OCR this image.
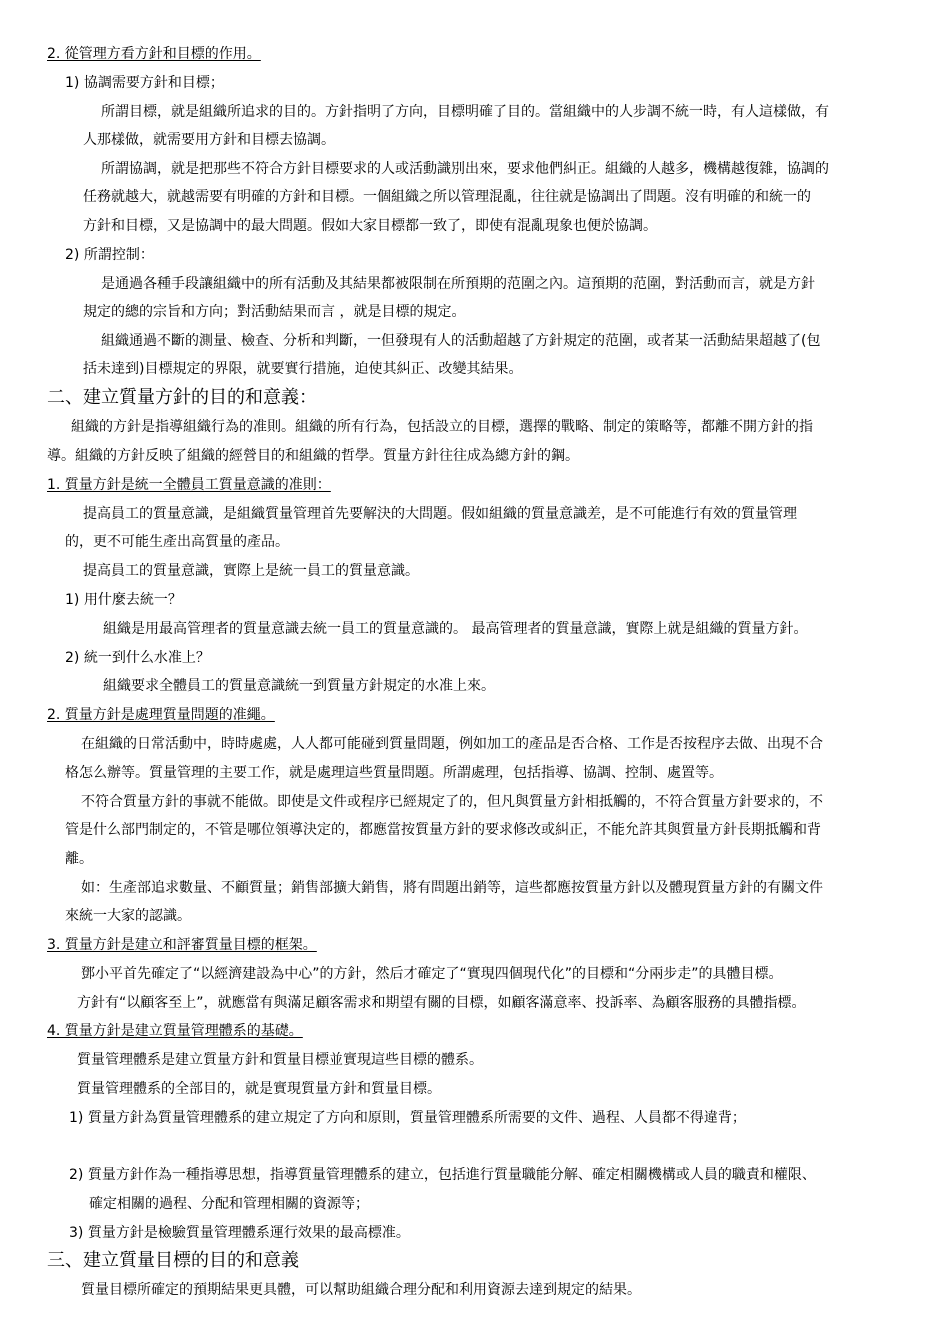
2. 從管理方看方針和目標的作用。
1) 協調需要方針和目標；
所謂目標，就是組織所追求的目的。方針指明了方向，目標明確了目的。當組織中的人步調不統一時，有人這樣做，有
人那樣做，就需要用方針和目標去協調。
所謂協調，就是把那些不符合方針目標要求的人或活動識別出來，要求他們糾正。組織的人越多，機構越復雜，協調的
任務就越大，就越需要有明確的方針和目標。一個組織之所以管理混亂，往往就是協調出了問題。沒有明確的和統一的
方針和目標，又是協調中的最大問題。假如大家目標都一致了，即使有混亂現象也便於協調。
2) 所謂控制：
是通過各種手段讓組織中的所有活動及其結果都被限制在所預期的范圍之內。這預期的范圍，對活動而言，就是方針
規定的總的宗旨和方向；對活動結果而言 ，就是目標的規定。
組織通過不斷的測量、檢查、分析和判斷，一但發現有人的活動超越了方針規定的范圍，或者某一活動結果超越了(包
括未達到)目標規定的界限，就要實行措施，迫使其糾正、改變其結果。
二、建立質量方針的目的和意義：
組織的方針是指導組織行為的准則。組織的所有行為，包括設立的目標，選擇的戰略、制定的策略等，都離不開方針的指
導。組織的方針反映了組織的經營目的和組織的哲學。質量方針往往成為總方針的鋼。
1. 質量方針是統一全體員工質量意識的准則：
提高員工的質量意識，是組織質量管理首先要解決的大問題。假如組織的質量意識差，是不可能進行有效的質量管理
的，更不可能生產出高質量的產品。
提高員工的質量意識，實際上是統一員工的質量意識。
1) 用什麼去統一？
組織是用最高管理者的質量意識去統一員工的質量意識的。 最高管理者的質量意識，實際上就是組織的質量方針。
2) 統一到什么水准上？
組織要求全體員工的質量意識統一到質量方針規定的水准上來。
2. 質量方針是處理質量問題的准繩。
在組織的日常活動中，時時處處，人人都可能碰到質量問題，例如加工的產品是否合格、工作是否按程序去做、出現不合
格怎么辦等。質量管理的主要工作，就是處理這些質量問題。所謂處理，包括指導、協調、控制、處置等。
不符合質量方針的事就不能做。即使是文件或程序已經規定了的，但凡與質量方針相抵觸的，不符合質量方針要求的，不
管是什么部門制定的，不管是哪位領導決定的，都應當按質量方針的要求修改或糾正，不能允許其與質量方針長期抵觸和背
離。
如：生產部追求數量、不顧質量；銷售部擴大銷售，將有問題出銷等，這些都應按質量方針以及體現質量方針的有關文件
來統一大家的認識。
3. 質量方針是建立和評審質量目標的框架。
鄧小平首先確定了“以經濟建設為中心”的方針，然后才確定了“實現四個現代化”的目標和“分兩步走”的具體目標。
方針有“以顧客至上”，就應當有與滿足顧客需求和期望有關的目標，如顧客滿意率、投訴率、為顧客服務的具體指標。
4. 質量方針是建立質量管理體系的基礎。
質量管理體系是建立質量方針和質量目標並實現這些目標的體系。
質量管理體系的全部目的，就是實現質量方針和質量目標。
1) 質量方針為質量管理體系的建立規定了方向和原則，質量管理體系所需要的文件、過程、人員都不得違背；
2) 質量方針作為一種指導思想，指導質量管理體系的建立，包括進行質量職能分解、確定相關機構或人員的職責和權限、
確定相關的過程、分配和管理相關的資源等；
3) 質量方針是檢驗質量管理體系運行效果的最高標准。
三、建立質量目標的目的和意義
質量目標所確定的預期結果更具體，可以幫助組織合理分配和利用資源去達到規定的結果。
